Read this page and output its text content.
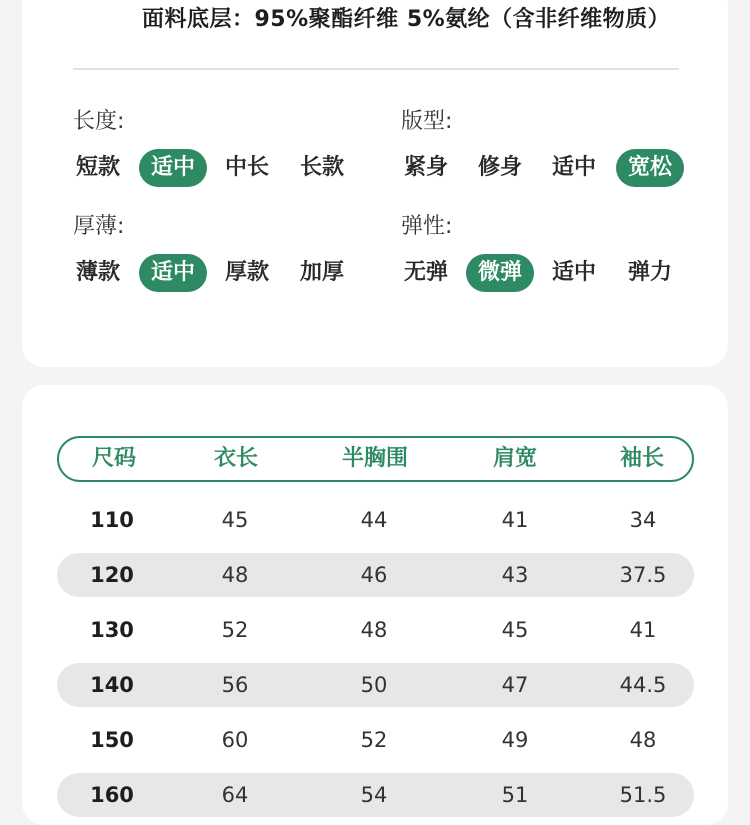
面料底层：95%聚酯纤维 5%氨纶（含非纤维物质）
长度:
短款	适中	中长	长款
版型:
紧身	修身	适中	宽松
厚薄:
薄款	适中	厚款	加厚
弹性:
无弹	微弹	适中	弹力
尺码	衣长	半胸围	肩宽	袖长
110	45	44	41	34
120	48	46	43	37.5
130	52	48	45	41
140	56	50	47	44.5
150	60	52	49	48
160	64	54	51	51.5
